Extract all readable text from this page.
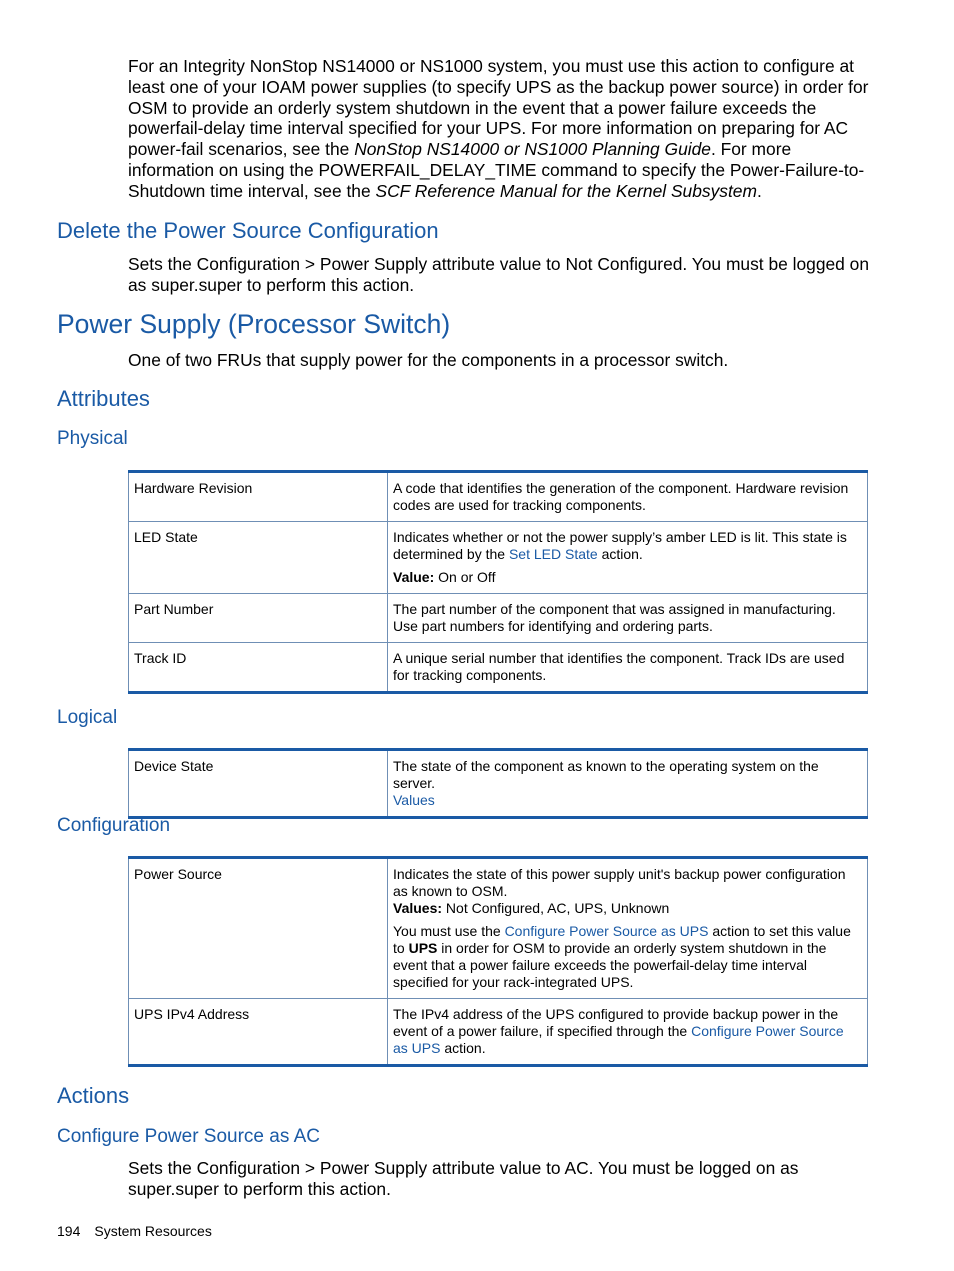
For an Integrity NonStop NS14000 or NS1000 system, you must use this action to configure at least one of your IOAM power supplies (to specify UPS as the backup power source) in order for OSM to provide an orderly system shutdown in the event that a power failure exceeds the powerfail-delay time interval specified for your UPS. For more information on preparing for AC power-fail scenarios, see the NonStop NS14000 or NS1000 Planning Guide. For more information on using the POWERFAIL_DELAY_TIME command to specify the Power-Failure-to-Shutdown time interval, see the SCF Reference Manual for the Kernel Subsystem.

Delete the Power Source Configuration

Sets the Configuration > Power Supply attribute value to Not Configured. You must be logged on as super.super to perform this action.

Power Supply (Processor Switch)

One of two FRUs that supply power for the components in a processor switch.

Attributes
Physical
Hardware Revision	A code that identifies the generation of the component. Hardware revision codes are used for tracking components.
LED State	Indicates whether or not the power supply’s amber LED is lit. This state is determined by the Set LED State action.

Value: On or Off

Part Number	The part number of the component that was assigned in manufacturing. Use part numbers for identifying and ordering parts.
Track ID	A unique serial number that identifies the component. Track IDs are used for tracking components.
Logical
Device State	The state of the component as known to the operating system on the server.
Values
Configuration
Power Source	Indicates the state of this power supply unit's backup power configuration as known to OSM.
Values: Not Configured, AC, UPS, Unknown

You must use the Configure Power Source as UPS action to set this value to UPS in order for OSM to provide an orderly system shutdown in the event that a power failure exceeds the powerfail-delay time interval specified for your rack-integrated UPS.

UPS IPv4 Address	The IPv4 address of the UPS configured to provide backup power in the event of a power failure, if specified through the Configure Power Source as UPS action.
Actions
Configure Power Source as AC

Sets the Configuration > Power Supply attribute value to AC. You must be logged on as super.super to perform this action.

194 System Resources
